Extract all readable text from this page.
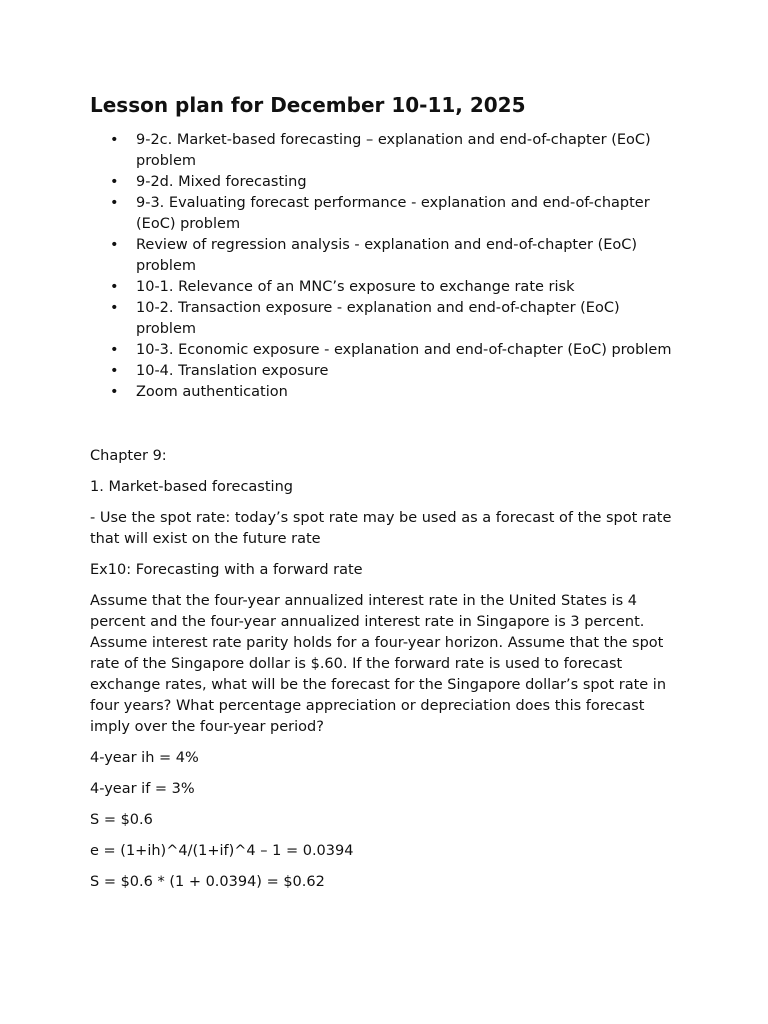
Lesson plan for December 10-11, 2025
• 9-2c. Market-based forecasting – explanation and end-of-chapter (EoC) problem
• 9-2d. Mixed forecasting
• 9-3. Evaluating forecast performance - explanation and end-of-chapter (EoC) problem
• Review of regression analysis - explanation and end-of-chapter (EoC) problem
• 10-1. Relevance of an MNC’s exposure to exchange rate risk
• 10-2. Transaction exposure - explanation and end-of-chapter (EoC) problem
• 10-3. Economic exposure - explanation and end-of-chapter (EoC) problem
• 10-4. Translation exposure
• Zoom authentication

Chapter 9:

1. Market-based forecasting

- Use the spot rate: today’s spot rate may be used as a forecast of the spot rate that will exist on the future rate

Ex10: Forecasting with a forward rate

Assume that the four-year annualized interest rate in the United States is 4 percent and the four-year annualized interest rate in Singapore is 3 percent. Assume interest rate parity holds for a four-year horizon. Assume that the spot rate of the Singapore dollar is $.60. If the forward rate is used to forecast exchange rates, what will be the forecast for the Singapore dollar’s spot rate in four years? What percentage appreciation or depreciation does this forecast imply over the four-year period?

4-year ih = 4%

4-year if = 3%

S = $0.6

e = (1+ih)^4/(1+if)^4 – 1 = 0.0394

S = $0.6 * (1 + 0.0394) = $0.62
